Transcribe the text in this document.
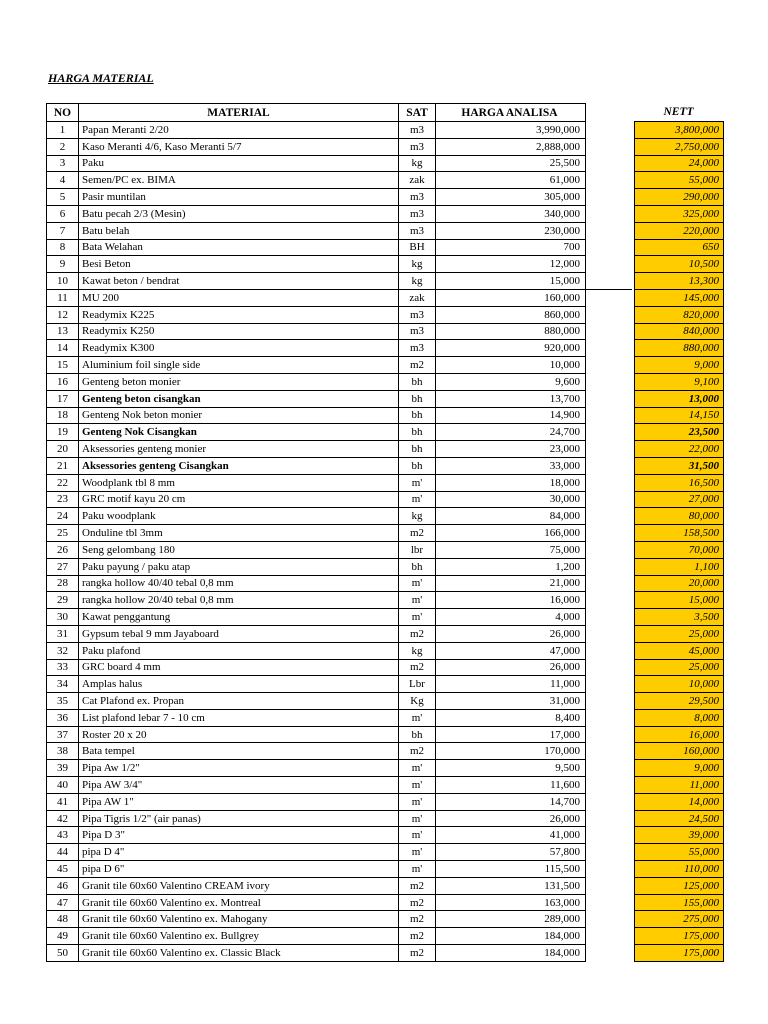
HARGA MATERIAL
NO	MATERIAL	SAT	HARGA ANALISA		NETT
1	Papan Meranti 2/20	m3	3,990,000		3,800,000
2	Kaso Meranti 4/6, Kaso Meranti 5/7	m3	2,888,000		2,750,000
3	Paku	kg	25,500		24,000
4	Semen/PC ex. BIMA	zak	61,000		55,000
5	Pasir muntilan	m3	305,000		290,000
6	Batu pecah 2/3 (Mesin)	m3	340,000		325,000
7	Batu belah	m3	230,000		220,000
8	Bata Welahan	BH	700		650
9	Besi Beton	kg	12,000		10,500
10	Kawat beton / bendrat	kg	15,000		13,300
11	MU 200	zak	160,000		145,000
12	Readymix K225	m3	860,000		820,000
13	Readymix K250	m3	880,000		840,000
14	Readymix K300	m3	920,000		880,000
15	Aluminium foil single side	m2	10,000		9,000
16	Genteng beton monier	bh	9,600		9,100
17	Genteng beton cisangkan	bh	13,700		13,000
18	Genteng Nok beton monier	bh	14,900		14,150
19	Genteng Nok Cisangkan	bh	24,700		23,500
20	Aksessories genteng monier	bh	23,000		22,000
21	Aksessories genteng Cisangkan	bh	33,000		31,500
22	Woodplank tbl 8 mm	m'	18,000		16,500
23	GRC motif kayu 20 cm	m'	30,000		27,000
24	Paku woodplank	kg	84,000		80,000
25	Onduline tbl 3mm	m2	166,000		158,500
26	Seng gelombang 180	lbr	75,000		70,000
27	Paku payung / paku atap	bh	1,200		1,100
28	rangka hollow 40/40 tebal 0,8 mm	m'	21,000		20,000
29	rangka hollow 20/40 tebal 0,8 mm	m'	16,000		15,000
30	Kawat penggantung	m'	4,000		3,500
31	Gypsum tebal 9 mm Jayaboard	m2	26,000		25,000
32	Paku plafond	kg	47,000		45,000
33	GRC board 4 mm	m2	26,000		25,000
34	Amplas halus	Lbr	11,000		10,000
35	Cat Plafond ex. Propan	Kg	31,000		29,500
36	List plafond lebar 7 - 10 cm	m'	8,400		8,000
37	Roster 20 x 20	bh	17,000		16,000
38	Bata tempel	m2	170,000		160,000
39	Pipa Aw 1/2"	m'	9,500		9,000
40	Pipa AW 3/4"	m'	11,600		11,000
41	Pipa AW 1"	m'	14,700		14,000
42	Pipa Tigris 1/2" (air panas)	m'	26,000		24,500
43	Pipa D 3"	m'	41,000		39,000
44	pipa D 4"	m'	57,800		55,000
45	pipa D 6"	m'	115,500		110,000
46	Granit tile 60x60 Valentino CREAM ivory	m2	131,500		125,000
47	Granit tile 60x60 Valentino ex. Montreal	m2	163,000		155,000
48	Granit tile 60x60 Valentino ex. Mahogany	m2	289,000		275,000
49	Granit tile 60x60 Valentino ex. Bullgrey	m2	184,000		175,000
50	Granit tile 60x60 Valentino ex. Classic Black	m2	184,000		175,000
